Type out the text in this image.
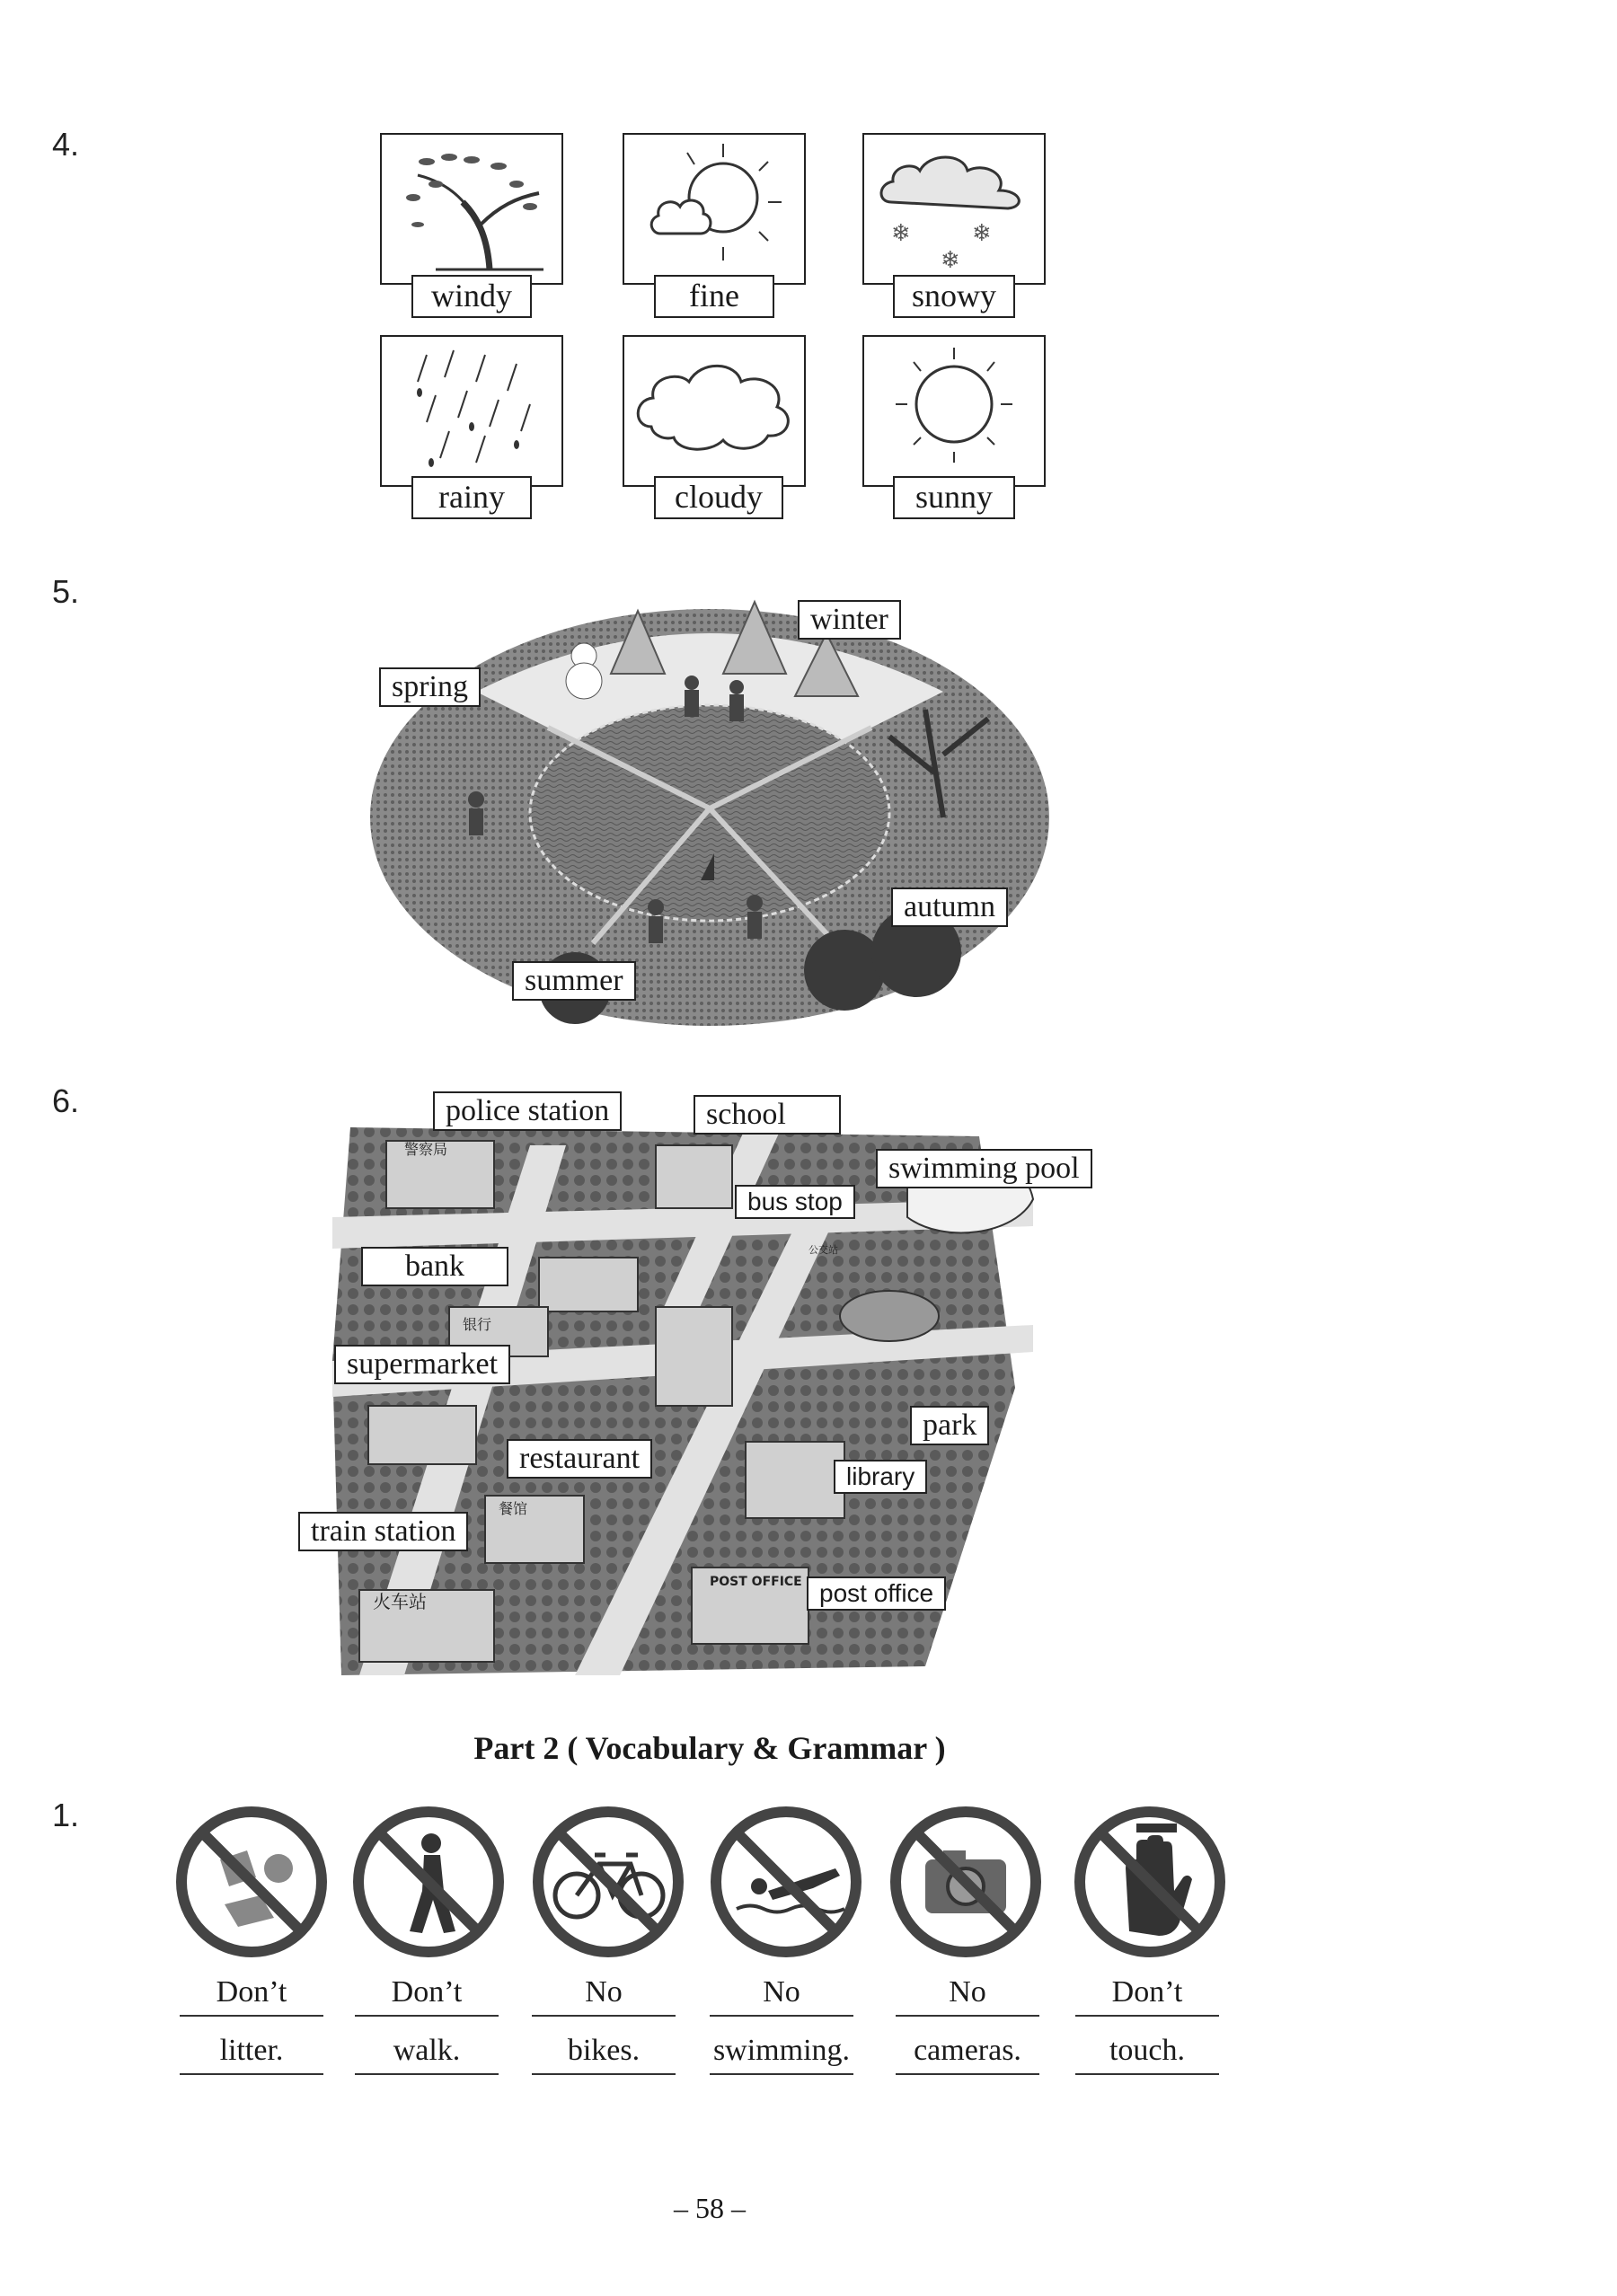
4.
windy	fine
❄	❄
❄
snowy
rainy	cloudy	sunny
5.
spring
winter
autumn
summer
6.
警察局
银行
餐馆
火车站
POST OFFICE
公交站
police station	school
swimming pool
bus stop
bank
supermarket
park
restaurant
library
train station
post office
Part 2 ( Vocabulary & Grammar )
1.
Don’t
litter.
Don’t
walk.
No
bikes.
No
swimming.
No
cameras.
Don’t
touch.
– 58 –
